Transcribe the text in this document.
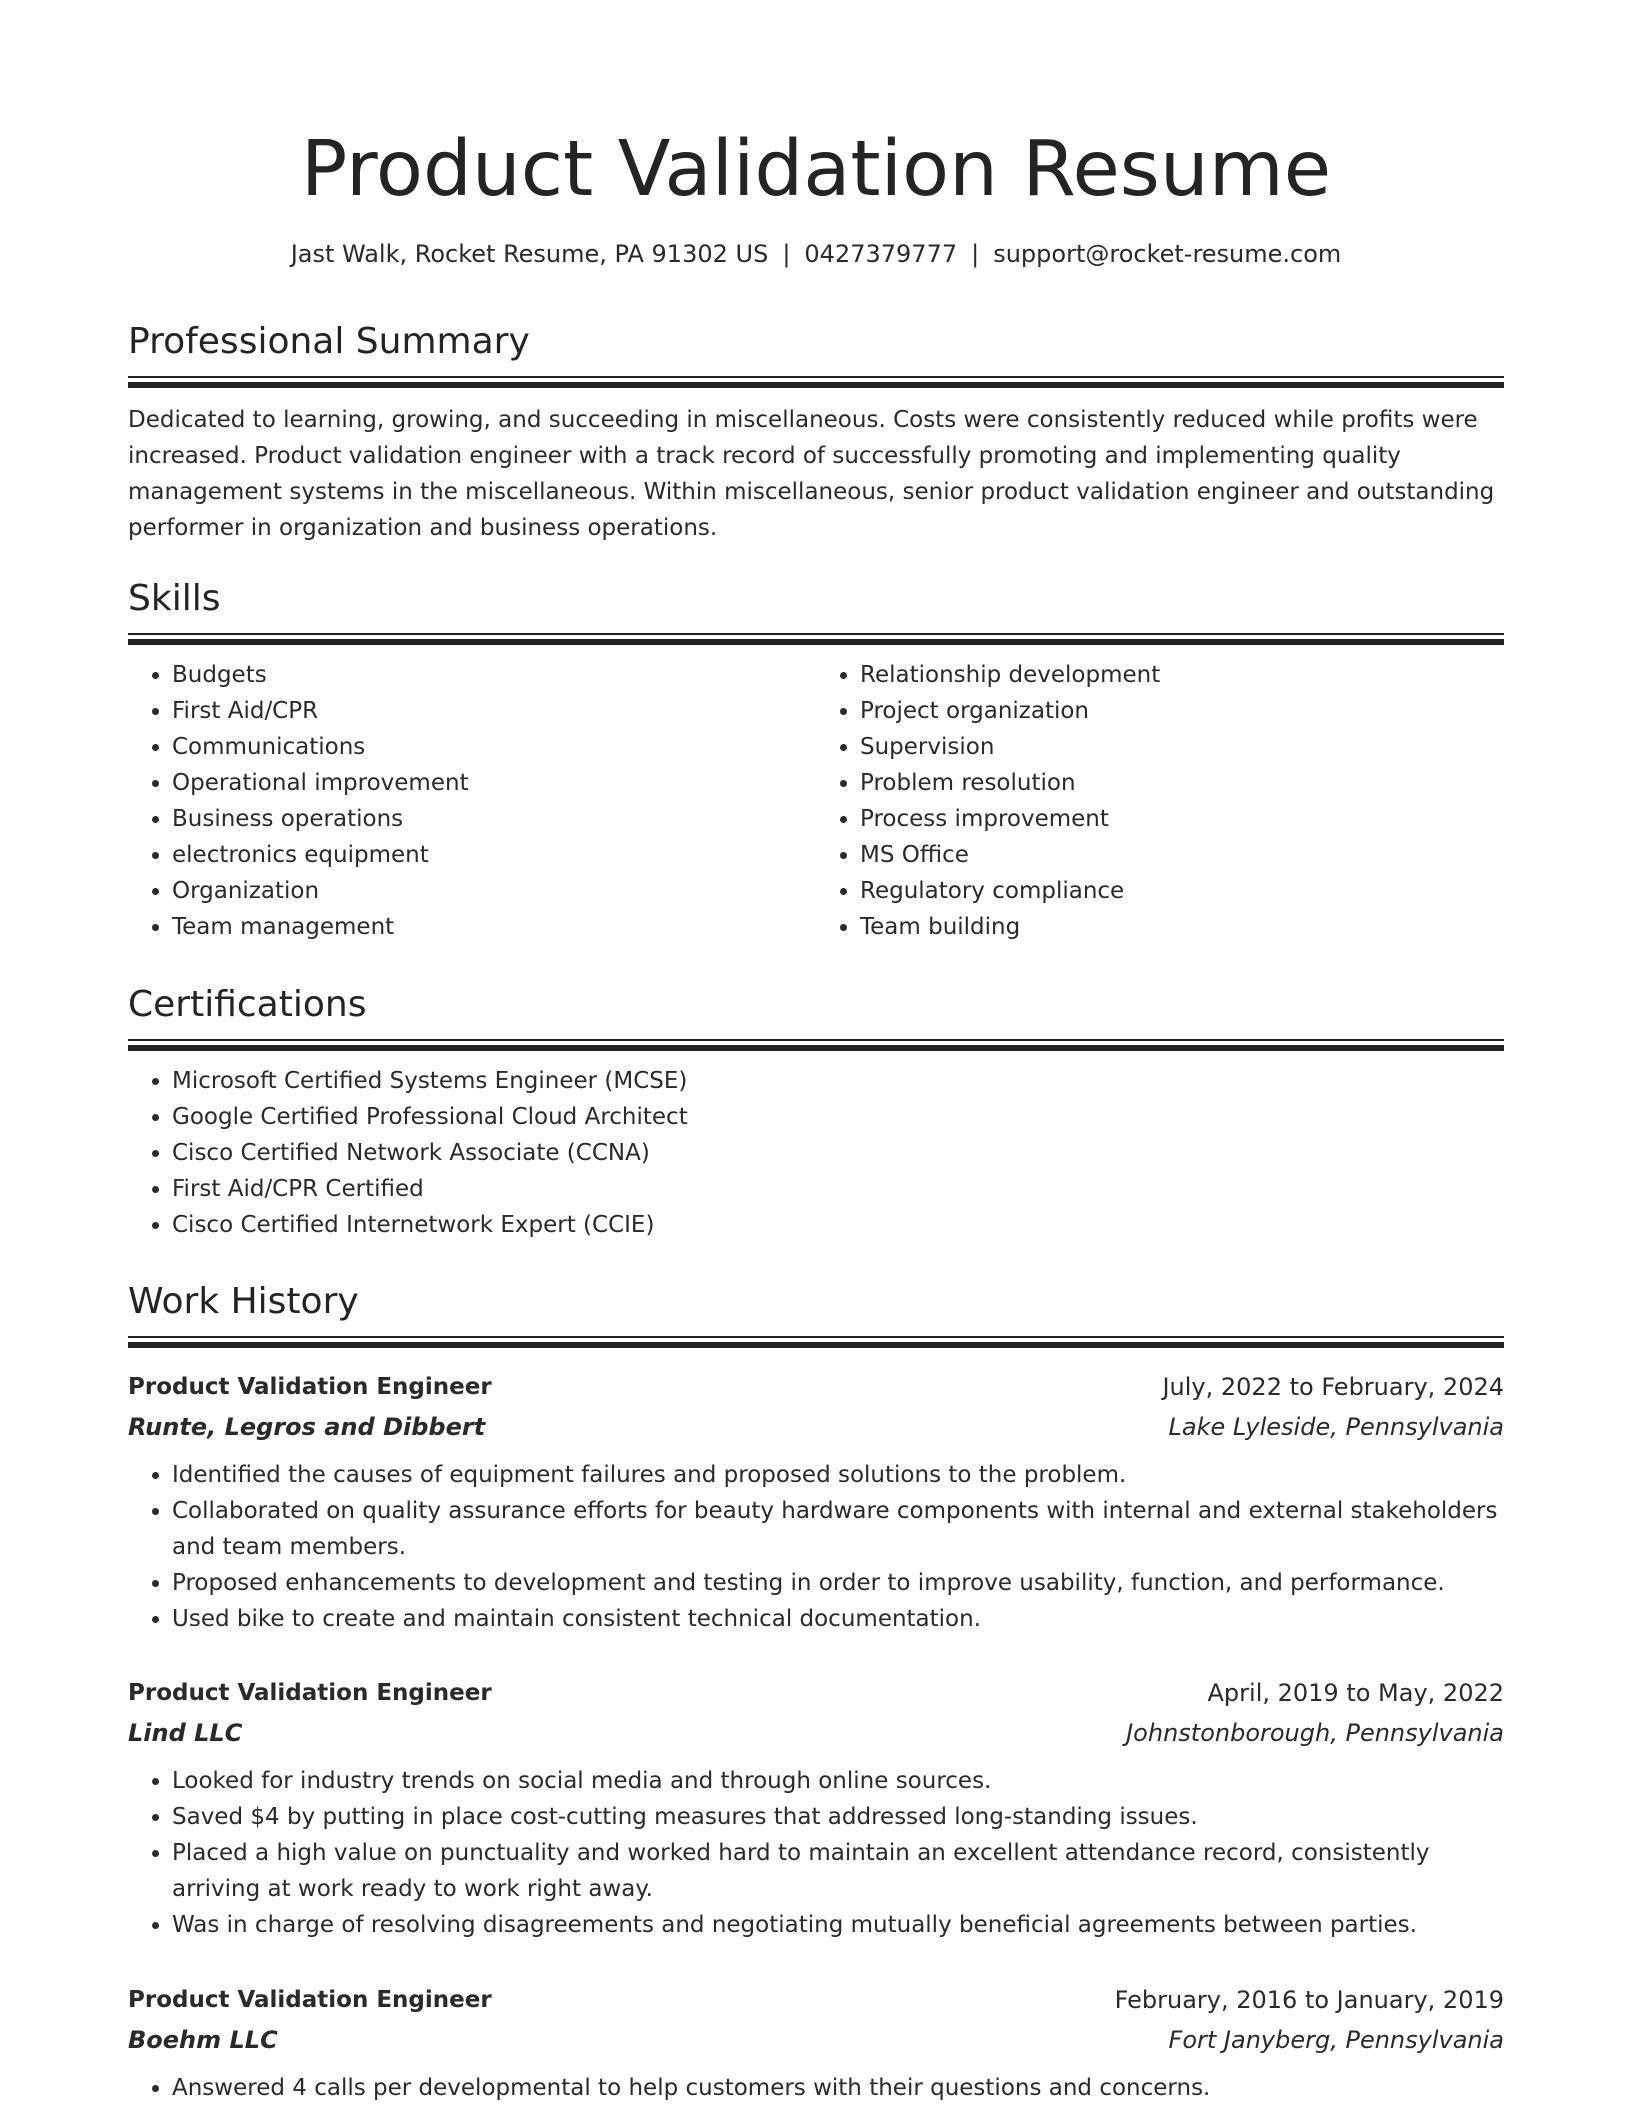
Product Validation Resume
Jast Walk, Rocket Resume, PA 91302 US | 0427379777 | support@rocket-resume.com
Professional Summary

Dedicated to learning, growing, and succeeding in miscellaneous. Costs were consistently reduced while profits were increased. Product validation engineer with a track record of successfully promoting and implementing quality management systems in the miscellaneous. Within miscellaneous, senior product validation engineer and outstanding performer in organization and business operations.

Skills
• Budgets
• First Aid/CPR
• Communications
• Operational improvement
• Business operations
• electronics equipment
• Organization
• Team management
• Relationship development
• Project organization
• Supervision
• Problem resolution
• Process improvement
• MS Office
• Regulatory compliance
• Team building
Certifications
• Microsoft Certified Systems Engineer (MCSE)
• Google Certified Professional Cloud Architect
• Cisco Certified Network Associate (CCNA)
• First Aid/CPR Certified
• Cisco Certified Internetwork Expert (CCIE)
Work History
Product Validation Engineer	July, 2022 to February, 2024
Runte, Legros and Dibbert	Lake Lyleside, Pennsylvania
• Identified the causes of equipment failures and proposed solutions to the problem.
• Collaborated on quality assurance efforts for beauty hardware components with internal and external stakeholders and team members.
• Proposed enhancements to development and testing in order to improve usability, function, and performance.
• Used bike to create and maintain consistent technical documentation.
Product Validation Engineer	April, 2019 to May, 2022
Lind LLC	Johnstonborough, Pennsylvania
• Looked for industry trends on social media and through online sources.
• Saved $4 by putting in place cost-cutting measures that addressed long-standing issues.
• Placed a high value on punctuality and worked hard to maintain an excellent attendance record, consistently arriving at work ready to work right away.
• Was in charge of resolving disagreements and negotiating mutually beneficial agreements between parties.
Product Validation Engineer	February, 2016 to January, 2019
Boehm LLC	Fort Janyberg, Pennsylvania
• Answered 4 calls per developmental to help customers with their questions and concerns.
